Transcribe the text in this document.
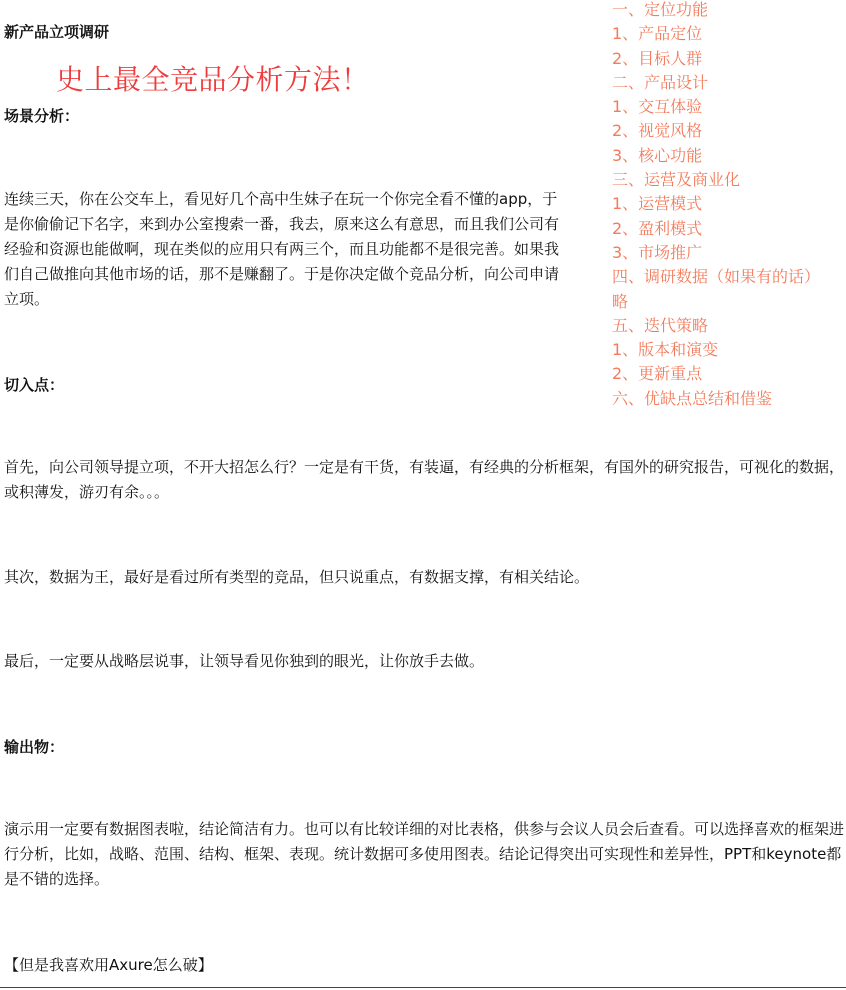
新产品立项调研
史上最全竞品分析方法！
一、定位功能
1、产品定位
2、目标人群
二、产品设计
1、交互体验
2、视觉风格
3、核心功能
三、运营及商业化
1、运营模式
2、盈利模式
3、市场推广
四、调研数据（如果有的话）
略
五、迭代策略
1、版本和演变
2、更新重点
六、优缺点总结和借鉴
场景分析：
连续三天，你在公交车上，看见好几个高中生妹子在玩一个你完全看不懂的app，于是你偷偷记下名字，来到办公室搜索一番，我去，原来这么有意思，而且我们公司有经验和资源也能做啊，现在类似的应用只有两三个，而且功能都不是很完善。如果我们自己做推向其他市场的话，那不是赚翻了。于是你决定做个竞品分析，向公司申请立项。
切入点：
首先，向公司领导提立项，不开大招怎么行？一定是有干货，有装逼，有经典的分析框架，有国外的研究报告，可视化的数据，或积薄发，游刃有余。。。
其次，数据为王，最好是看过所有类型的竞品，但只说重点，有数据支撑，有相关结论。
最后，一定要从战略层说事，让领导看见你独到的眼光，让你放手去做。
输出物：
演示用一定要有数据图表啦，结论简洁有力。也可以有比较详细的对比表格，供参与会议人员会后查看。可以选择喜欢的框架进行分析，比如，战略、范围、结构、框架、表现。统计数据可多使用图表。结论记得突出可实现性和差异性，PPT和keynote都是不错的选择。
【但是我喜欢用Axure怎么破】
